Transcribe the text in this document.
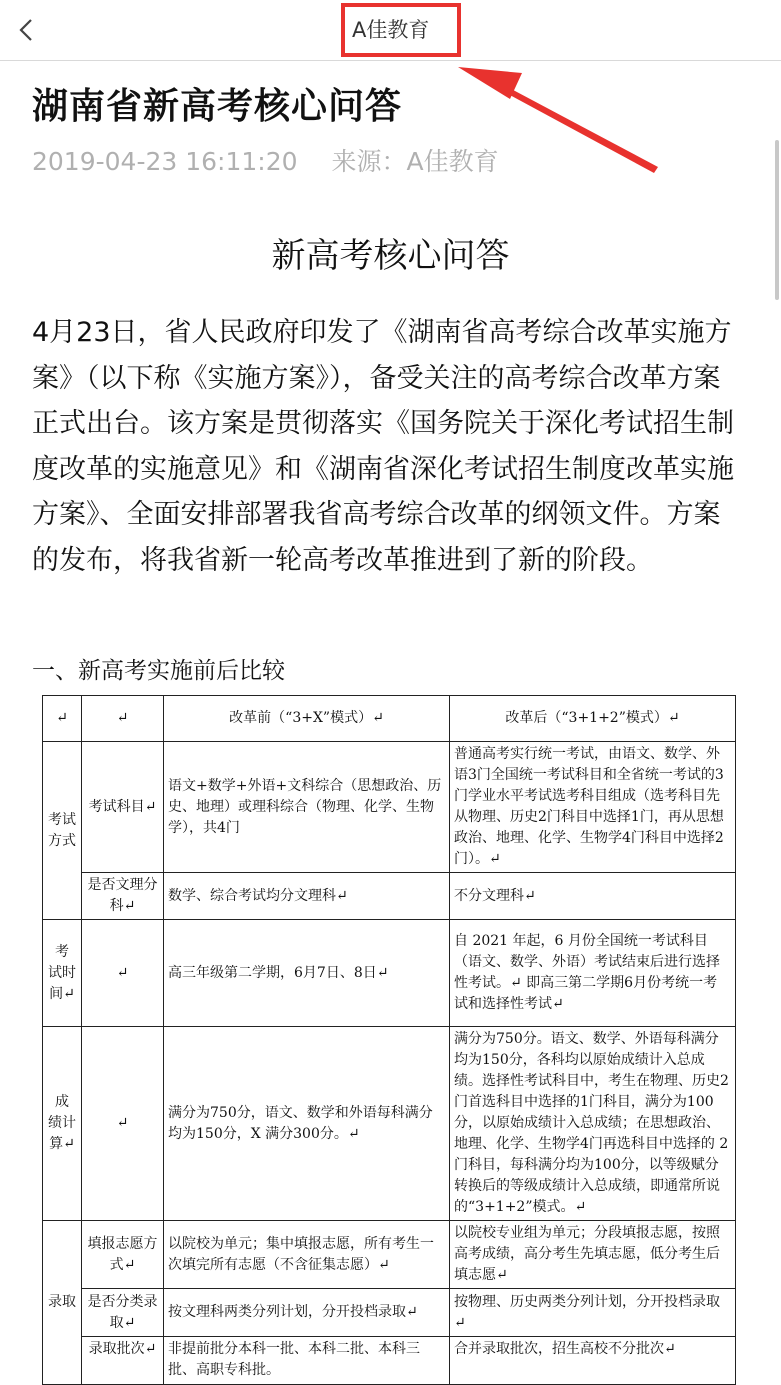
A佳教育
湖南省新高考核心问答
2019-04-23 16:11:20 来源：A佳教育
新高考核心问答
4月23日，省人民政府印发了《湖南省高考综合改革实施方案》（以下称《实施方案》），备受关注的高考综合改革方案正式出台。该方案是贯彻落实《国务院关于深化考试招生制度改革的实施意见》和《湖南省深化考试招生制度改革实施方案》、全面安排部署我省高考综合改革的纲领文件。方案的发布，将我省新一轮高考改革推进到了新的阶段。
一、新高考实施前后比较
↵	↵	改革前（“3+X”模式）↵	改革后（“3+1+2”模式）↵
考试方式	考试科目↵	语文+数学+外语+文科综合（思想政治、历史、地理）或理科综合（物理、化学、生物学），共4门	普通高考实行统一考试，由语文、数学、外语3门全国统一考试科目和全省统一考试的3门学业水平考试选考科目组成（选考科目先从物理、历史2门科目中选择1门，再从思想政治、地理、化学、生物学4门科目中选择2门）。↵
	是否文理分科↵	数学、综合考试均分文理科↵	不分文理科↵
考 试时间↵	↵	高三年级第二学期，6月7日、8日↵	自 2021 年起，6 月份全国统一考试科目（语文、数学、外语）考试结束后进行选择性考试。↵ 即高三第二学期6月份考统一考试和选择性考试↵
成 绩计算↵	↵	满分为750分，语文、数学和外语每科满分均为150分，X 满分300分。↵	满分为750分。语文、数学、外语每科满分均为150分，各科均以原始成绩计入总成绩。选择性考试科目中，考生在物理、历史2门首选科目中选择的1门科目，满分为100分，以原始成绩计入总成绩；在思想政治、地理、化学、生物学4门再选科目中选择的 2 门科目，每科满分均为100分，以等级赋分转换后的等级成绩计入总成绩，即通常所说的“3+1+2”模式。↵
录取	填报志愿方式↵	以院校为单元；集中填报志愿，所有考生一次填完所有志愿（不含征集志愿）↵	以院校专业组为单元；分段填报志愿，按照高考成绩，高分考生先填志愿，低分考生后填志愿↵
	是否分类录取↵	按文理科两类分列计划，分开投档录取↵	按物理、历史两类分列计划，分开投档录取↵
	录取批次↵	非提前批分本科一批、本科二批、本科三批、高职专科批。	合并录取批次，招生高校不分批次↵
